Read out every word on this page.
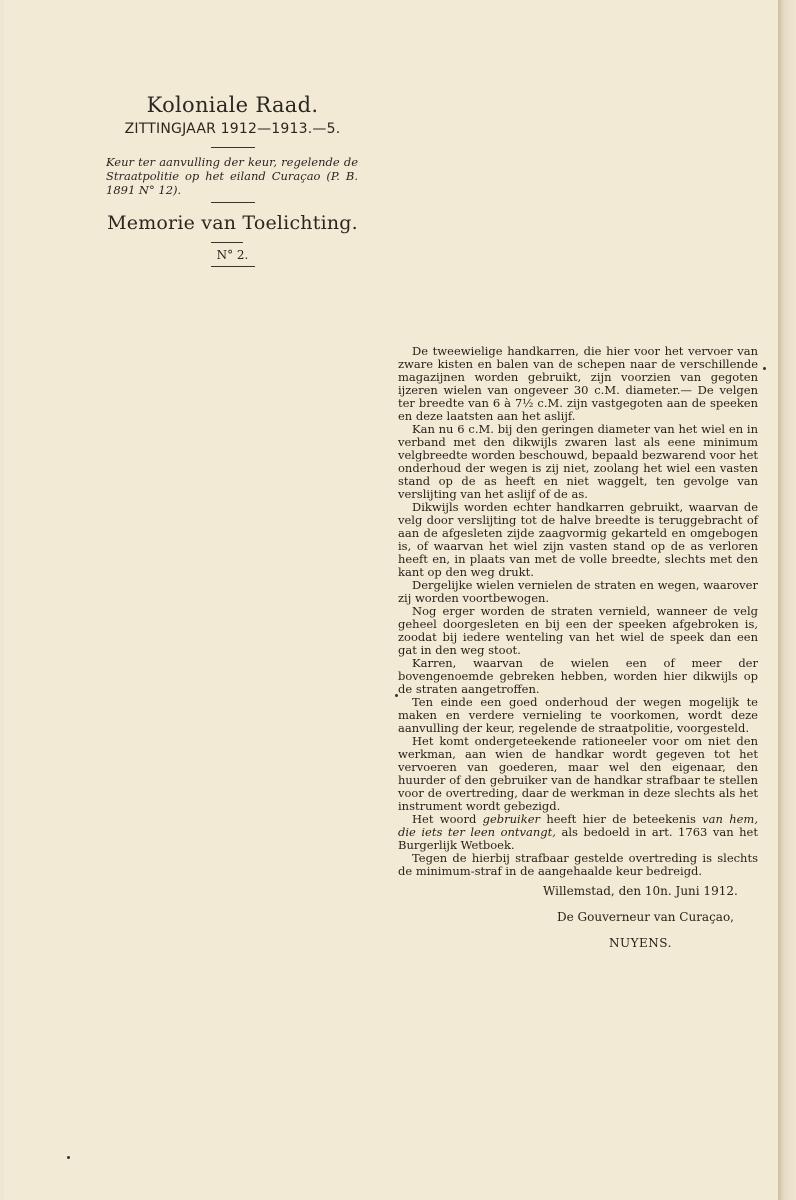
Koloniale Raad.
ZITTINGJAAR 1912—1913.—5.
Keur ter aanvulling der keur, regelende de Straatpolitie op het eiland Curaçao (P. B. 1891 N° 12).
Memorie van Toelichting.
N° 2.

De tweewielige handkarren, die hier voor het vervoer van zware kisten en balen van de schepen naar de verschillende magazijnen worden gebruikt, zijn voorzien van gegoten ijzeren wielen van ongeveer 30 c.M. diameter.— De velgen ter breedte van 6 à 7½ c.M. zijn vastgegoten aan de speeken en deze laatsten aan het aslijf.

Kan nu 6 c.M. bij den geringen diameter van het wiel en in verband met den dikwijls zwaren last als eene minimum velgbreedte worden beschouwd, bepaald bezwarend voor het onderhoud der wegen is zij niet, zoolang het wiel een vasten stand op de as heeft en niet waggelt, ten gevolge van verslijting van het aslijf of de as.

Dikwijls worden echter handkarren gebruikt, waarvan de velg door verslijting tot de halve breedte is teruggebracht of aan de afgesleten zijde zaagvormig gekarteld en omgebogen is, of waarvan het wiel zijn vasten stand op de as verloren heeft en, in plaats van met de volle breedte, slechts met den kant op den weg drukt.

Dergelijke wielen vernielen de straten en wegen, waarover zij worden voortbewogen.

Nog erger worden de straten vernield, wanneer de velg geheel doorgesleten en bij een der speeken afgebroken is, zoodat bij iedere wenteling van het wiel de speek dan een gat in den weg stoot.

Karren, waarvan de wielen een of meer der bovengenoemde gebreken hebben, worden hier dikwijls op de straten aangetroffen.

Ten einde een goed onderhoud der wegen mogelijk te maken en verdere vernieling te voorkomen, wordt deze aanvulling der keur, regelende de straatpolitie, voorgesteld.

Het komt ondergeteekende rationeeler voor om niet den werkman, aan wien de handkar wordt gegeven tot het vervoeren van goederen, maar wel den eigenaar, den huurder of den gebruiker van de handkar strafbaar te stellen voor de overtreding, daar de werkman in deze slechts als het instrument wordt gebezigd.

Het woord gebruiker heeft hier de beteekenis van hem, die iets ter leen ontvangt, als bedoeld in art. 1763 van het Burgerlijk Wetboek.

Tegen de hierbij strafbaar gestelde overtreding is slechts de minimum-straf in de aangehaalde keur bedreigd.

Willemstad, den 10n. Juni 1912.
De Gouverneur van Curaçao,
NUYENS.
